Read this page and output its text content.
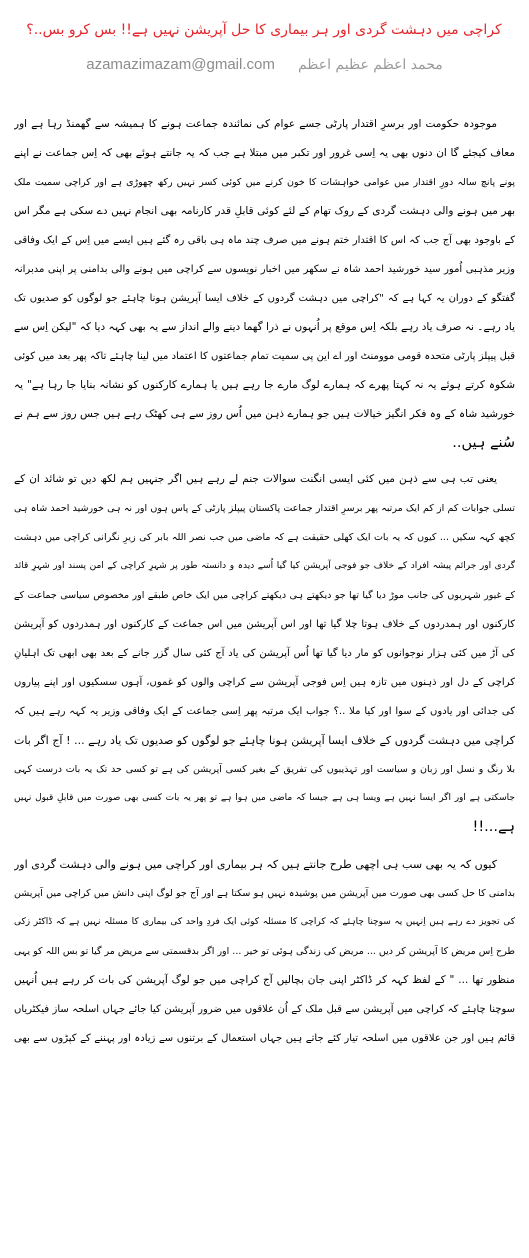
کراچی میں دہشت گردی اور ہر بیماری کا حل آپریشن نہیں ہے!! بس کرو بس..؟
azamazimazam@gmail.com محمد اعظم عظیم اعظم
موجودہ حکومت اور برسرِ اقتدار پارٹی جسے عوام کی نمائندہ جماعت ہونے کا ہمیشہ سے گھمنڈ رہا ہے اور
معاف کیجئے گا ان دنوں بھی یہ اِسی غرور اور تکبر میں مبتلا ہے جب کہ یہ جانتے ہوئے بھی کہ اِس جماعت نے اپنے
پونے پانچ سالہ دورِ اقتدار میں عوامی خواہشات کا خون کرنے میں کوئی کسر نہیں رکھ چھوڑی ہے اور کراچی سمیت ملک
بھر میں ہونے والی دہشت گردی کے روک تھام کے لئے کوئی قابلِ قدر کارنامہ بھی انجام نہیں دے سکی ہے مگر اس
کے باوجود بھی آج جب کہ اس کا اقتدار ختم ہونے میں صرف چند ماہ ہی باقی رہ گئے ہیں ایسے میں اِس کے ایک وفاقی
وزیر مذہبی اُمور سید خورشید احمد شاہ نے سکھر میں اخبار نویسوں سے کراچی میں ہونے والی بدامنی پر اپنی مدبرانہ
گفتگو کے دوران یہ کہا ہے کہ "کراچی میں دہشت گردوں کے خلاف ایسا آپریشن ہونا چاہئے جو لوگوں کو صدیوں تک
یاد رہے۔ نہ صرف یاد رہے بلکہ اِس موقع پر اُنہوں نے ذرا گھما دینے والے انداز سے یہ بھی کہہ دیا کہ "لیکن اِس سے
قبل پیپلز پارٹی متحدہ قومی موومنٹ اور اے این پی سمیت تمام جماعتوں کا اعتماد میں لینا چاہئے تاکہ پھر بعد میں کوئی
شکوہ کرتے ہوئے یہ نہ کہتا پھرے کہ ہمارے لوگ مارے جا رہے ہیں یا ہمارے کارکنوں کو نشانہ بنایا جا رہا ہے" یہ
خورشید شاہ کے وہ فکر انگیز خیالات ہیں جو ہمارے ذہن میں اُس روز سے ہی کھٹک رہے ہیں جس روز سے ہم نے
سُنے ہیں..
یعنی تب ہی سے ذہن میں کئی ایسی انگنت سوالات جنم لے رہے ہیں اگر جنہیں ہم لکھ دیں تو شائد ان کے
تسلی جوابات کم از کم ایک مرتبہ پھر برسرِ اقتدار جماعت پاکستان پیپلز پارٹی کے پاس ہوں اور نہ ہی خورشید احمد شاہ ہی
کچھ کہہ سکیں ... کیوں کہ یہ بات ایک کھلی حقیقت ہے کہ ماضی میں جب نصر اللہ بابر کی زیرِ نگرانی کراچی میں دہشت
گردی اور جرائم پیشہ افراد کے خلاف جو فوجی آپریشن کیا گیا اُسے دیدہ و دانستہ طور پر شہرِ کراچی کے امن پسند اور شہرِ قائد
کے غیور شہریوں کی جانب موڑ دیا گیا تھا جو دیکھتے ہی دیکھتے کراچی میں ایک خاص طبقے اور مخصوص سیاسی جماعت کے
کارکنوں اور ہمدردوں کے خلاف ہوتا چلا گیا تھا اور اس آپریشن میں اس جماعت کے کارکنوں اور ہمدردوں کو آپریشن
کی آڑ میں کئی ہزار نوجوانوں کو مار دیا گیا تھا اُس آپریشن کی یاد آج کئی سال گزر جانے کے بعد بھی ابھی تک اہلیانِ
کراچی کے دل اور ذہنوں میں تازہ ہیں اِس فوجی آپریشن سے کراچی والوں کو غموں، آہوں سسکیوں اور اپنے پیاروں
کی جدائی اور یادوں کے سوا اور کیا ملا ..؟ جواب ایک مرتبہ پھر اِسی جماعت کے ایک وفاقی وزیر یہ کہہ رہے ہیں کہ
کراچی میں دہشت گردوں کے خلاف ایسا آپریشن ہونا چاہئے جو لوگوں کو صدیوں تک یاد رہے ... ! آج اگر بات
بلا رنگ و نسل اور زبان و سیاست اور تہذیبوں کی تفریق کے بغیر کسی آپریشن کی ہے تو کسی حد تک یہ بات درست کہی
جاسکتی ہے اور اگر ایسا نہیں ہے ویسا ہی ہے جیسا کہ ماضی میں ہوا ہے تو پھر یہ بات کسی بھی صورت میں قابلِ قبول نہیں
ہے...!!
کیوں کہ یہ بھی سب ہی اچھی طرح جانتے ہیں کہ ہر بیماری اور کراچی میں ہونے والی دہشت گردی اور
بدامنی کا حل کسی بھی صورت میں آپریشن میں پوشیدہ نہیں ہو سکتا ہے اور آج جو لوگ اپنی دانش میں کراچی میں آپریشن
کی تجویز دے رہے ہیں اِنہیں یہ سوچنا چاہئے کہ کراچی کا مسئلہ کوئی ایک فردِ واحد کی بیماری کا مسئلہ نہیں ہے کہ ڈاکٹر زکی
طرح اِس مریض کا آپریشن کر دیں ... مریض کی زندگی ہوئی تو خیر ... اور اگر بدقسمتی سے مریض مر گیا تو بس اللہ کو یہی
منظور تھا ... " کے لفظ کہہ کر ڈاکٹر اپنی جان بچالیں آج کراچی میں جو لوگ آپریشن کی بات کر رہے ہیں اُنہیں
سوچنا چاہئے کہ کراچی میں آپریشن سے قبل ملک کے اُن علاقوں میں ضرور آپریشن کیا جائے جہاں اسلحہ ساز فیکٹریاں
قائم ہیں اور جن علاقوں میں اسلحہ تیار کئے جاتے ہیں جہاں استعمال کے برتنوں سے زیادہ اور پہننے کے کپڑوں سے بھی
